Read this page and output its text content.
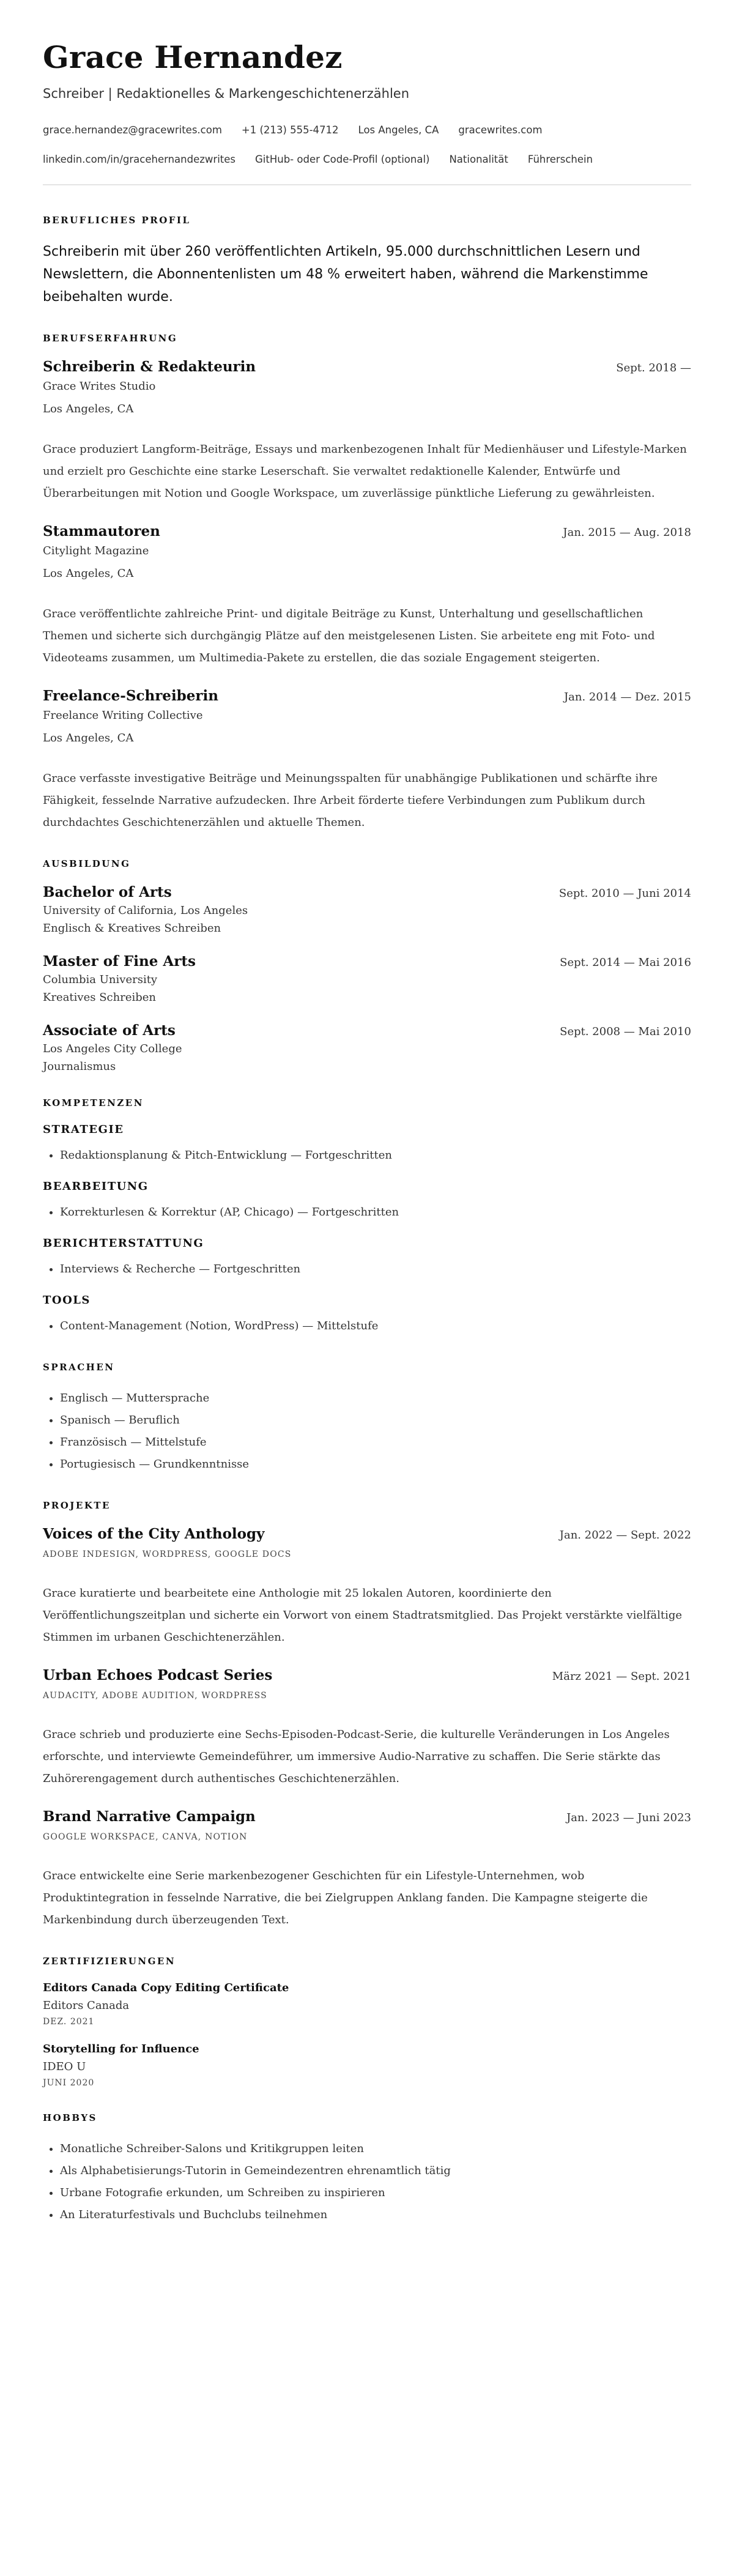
Grace Hernandez
Schreiber | Redaktionelles & Markengeschichtenerzählen
grace.hernandez@gracewrites.com +1 (213) 555-4712 Los Angeles, CA gracewrites.com
linkedin.com/in/gracehernandezwrites GitHub- oder Code-Profil (optional) Nationalität Führerschein
BERUFLICHES PROFIL

Schreiberin mit über 260 veröffentlichten Artikeln, 95.000 durchschnittlichen Lesern und Newslettern, die Abonnentenlisten um 48 % erweitert haben, während die Markenstimme beibehalten wurde.

BERUFSERFAHRUNG
Schreiberin & Redakteurin	Sept. 2018 —
Grace Writes Studio
Los Angeles, CA

Grace produziert Langform-Beiträge, Essays und markenbezogenen Inhalt für Medienhäuser und Lifestyle-Marken und erzielt pro Geschichte eine starke Leserschaft. Sie verwaltet redaktionelle Kalender, Entwürfe und Überarbeitungen mit Notion und Google Workspace, um zuverlässige pünktliche Lieferung zu gewährleisten.

Stammautoren	Jan. 2015 — Aug. 2018
Citylight Magazine
Los Angeles, CA

Grace veröffentlichte zahlreiche Print- und digitale Beiträge zu Kunst, Unterhaltung und gesellschaftlichen Themen und sicherte sich durchgängig Plätze auf den meistgelesenen Listen. Sie arbeitete eng mit Foto- und Videoteams zusammen, um Multimedia-Pakete zu erstellen, die das soziale Engagement steigerten.

Freelance-Schreiberin	Jan. 2014 — Dez. 2015
Freelance Writing Collective
Los Angeles, CA

Grace verfasste investigative Beiträge und Meinungsspalten für unabhängige Publikationen und schärfte ihre Fähigkeit, fesselnde Narrative aufzudecken. Ihre Arbeit förderte tiefere Verbindungen zum Publikum durch durchdachtes Geschichtenerzählen und aktuelle Themen.

AUSBILDUNG
Bachelor of Arts	Sept. 2010 — Juni 2014
University of California, Los Angeles
Englisch & Kreatives Schreiben
Master of Fine Arts	Sept. 2014 — Mai 2016
Columbia University
Kreatives Schreiben
Associate of Arts	Sept. 2008 — Mai 2010
Los Angeles City College
Journalismus
KOMPETENZEN
STRATEGIE
• Redaktionsplanung & Pitch-Entwicklung — Fortgeschritten
BEARBEITUNG
• Korrekturlesen & Korrektur (AP, Chicago) — Fortgeschritten
BERICHTERSTATTUNG
• Interviews & Recherche — Fortgeschritten
TOOLS
• Content-Management (Notion, WordPress) — Mittelstufe
SPRACHEN
• Englisch — Muttersprache
• Spanisch — Beruflich
• Französisch — Mittelstufe
• Portugiesisch — Grundkenntnisse
PROJEKTE
Voices of the City Anthology	Jan. 2022 — Sept. 2022
ADOBE INDESIGN, WORDPRESS, GOOGLE DOCS

Grace kuratierte und bearbeitete eine Anthologie mit 25 lokalen Autoren, koordinierte den Veröffentlichungszeitplan und sicherte ein Vorwort von einem Stadtratsmitglied. Das Projekt verstärkte vielfältige Stimmen im urbanen Geschichtenerzählen.

Urban Echoes Podcast Series	März 2021 — Sept. 2021
AUDACITY, ADOBE AUDITION, WORDPRESS

Grace schrieb und produzierte eine Sechs-Episoden-Podcast-Serie, die kulturelle Veränderungen in Los Angeles erforschte, und interviewte Gemeindeführer, um immersive Audio-Narrative zu schaffen. Die Serie stärkte das Zuhörerengagement durch authentisches Geschichtenerzählen.

Brand Narrative Campaign	Jan. 2023 — Juni 2023
GOOGLE WORKSPACE, CANVA, NOTION

Grace entwickelte eine Serie markenbezogener Geschichten für ein Lifestyle-Unternehmen, wob Produktintegration in fesselnde Narrative, die bei Zielgruppen Anklang fanden. Die Kampagne steigerte die Markenbindung durch überzeugenden Text.

ZERTIFIZIERUNGEN
Editors Canada Copy Editing Certificate
Editors Canada
DEZ. 2021
Storytelling for Influence
IDEO U
JUNI 2020
HOBBYS
• Monatliche Schreiber-Salons und Kritikgruppen leiten
• Als Alphabetisierungs-Tutorin in Gemeindezentren ehrenamtlich tätig
• Urbane Fotografie erkunden, um Schreiben zu inspirieren
• An Literaturfestivals und Buchclubs teilnehmen
